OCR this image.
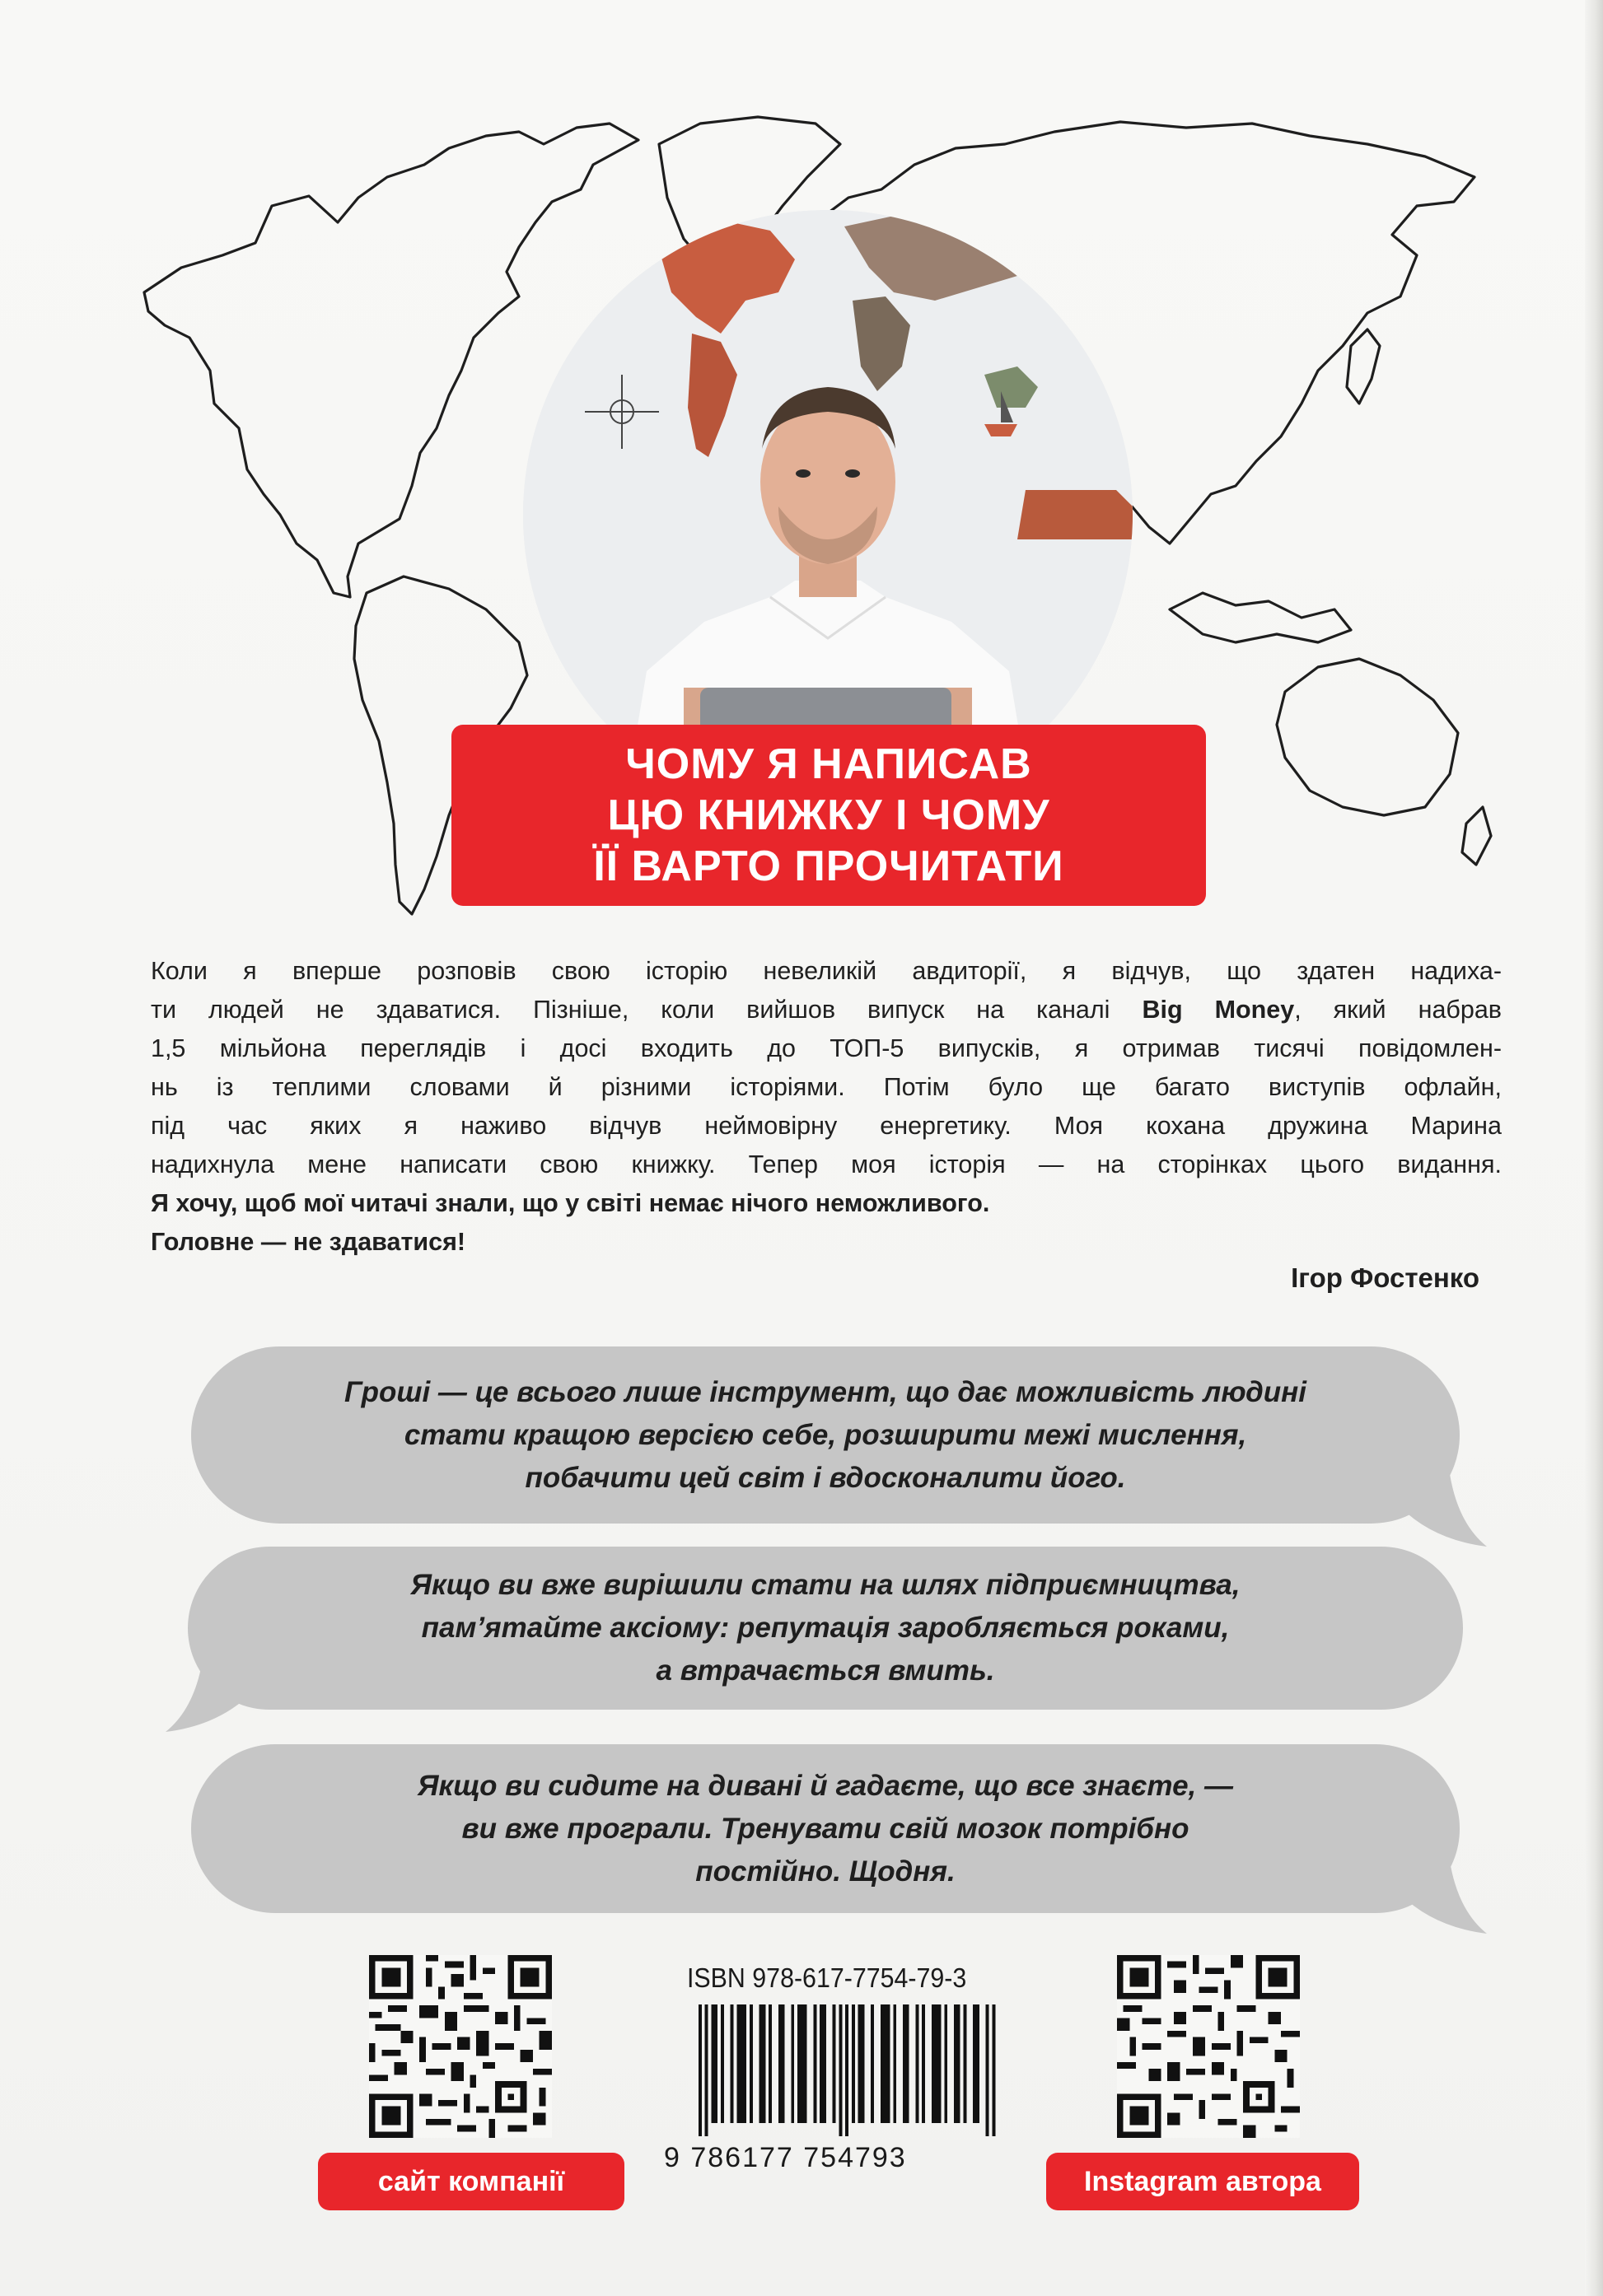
ЧОМУ Я НАПИСАВ
ЦЮ КНИЖКУ І ЧОМУ
ЇЇ ВАРТО ПРОЧИТАТИ
Коли я вперше розповів свою історію невеликій авдиторії, я відчув, що здатен надиха-
ти людей не здаватися. Пізніше, коли вийшов випуск на каналі Big Money, який набрав
1,5 мільйона переглядів і досі входить до ТОП-5 випусків, я отримав тисячі повідомлен-
нь із теплими словами й різними історіями. Потім було ще багато виступів офлайн,
під час яких я наживо відчув неймовірну енергетику. Моя кохана дружина Марина
надихнула мене написати свою книжку. Тепер моя історія — на сторінках цього видання.
Я хочу, щоб мої читачі знали, що у світі немає нічого неможливого.
Головне — не здаватися!
Ігор Фостенко
Гроші — це всього лише інструмент, що дає можливість людині
стати кращою версією себе, розширити межі мислення,
побачити цей світ і вдосконалити його.
Якщо ви вже вирішили стати на шлях підприємництва,
пам’ятайте аксіому: репутація заробляється роками,
а втрачається вмить.
Якщо ви сидите на дивані й гадаєте, що все знаєте, —
ви вже програли. Тренувати свій мозок потрібно
постійно. Щодня.
сайт компанії	Instagram автора
ISBN 978-617-7754-79-3
9 786177 754793
